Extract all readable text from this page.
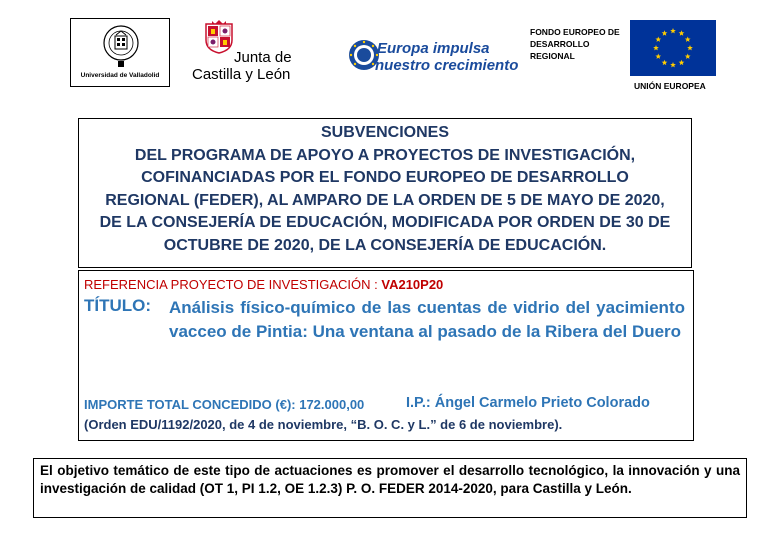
Universidad de Valladolid
Junta de
Castilla y León
Europa impulsa
nuestro crecimiento
FONDO EUROPEO DE
DESARROLLO
REGIONAL
UNIÓN EUROPEA
SUBVENCIONES
DEL PROGRAMA DE APOYO A PROYECTOS DE INVESTIGACIÓN,
COFINANCIADAS POR EL FONDO EUROPEO DE DESARROLLO
REGIONAL (FEDER), AL AMPARO DE LA ORDEN DE 5 DE MAYO DE 2020,
DE LA CONSEJERÍA DE EDUCACIÓN, MODIFICADA POR ORDEN DE 30 DE
OCTUBRE DE 2020, DE LA CONSEJERÍA DE EDUCACIÓN.
REFERENCIA PROYECTO DE INVESTIGACIÓN : VA210P20
TÍTULO: Análisis físico-químico de las cuentas de vidrio del yacimiento vacceo de Pintia: Una ventana al pasado de la Ribera del Duero
IMPORTE TOTAL CONCEDIDO (€): 172.000,00	I.P.: Ángel Carmelo Prieto Colorado
(Orden EDU/1192/2020, de 4 de noviembre, “B. O. C. y L.” de 6 de noviembre).
El objetivo temático de este tipo de actuaciones es promover el desarrollo tecnológico, la innovación y una investigación de calidad (OT 1, PI 1.2, OE 1.2.3) P. O. FEDER 2014-2020, para Castilla y León.
